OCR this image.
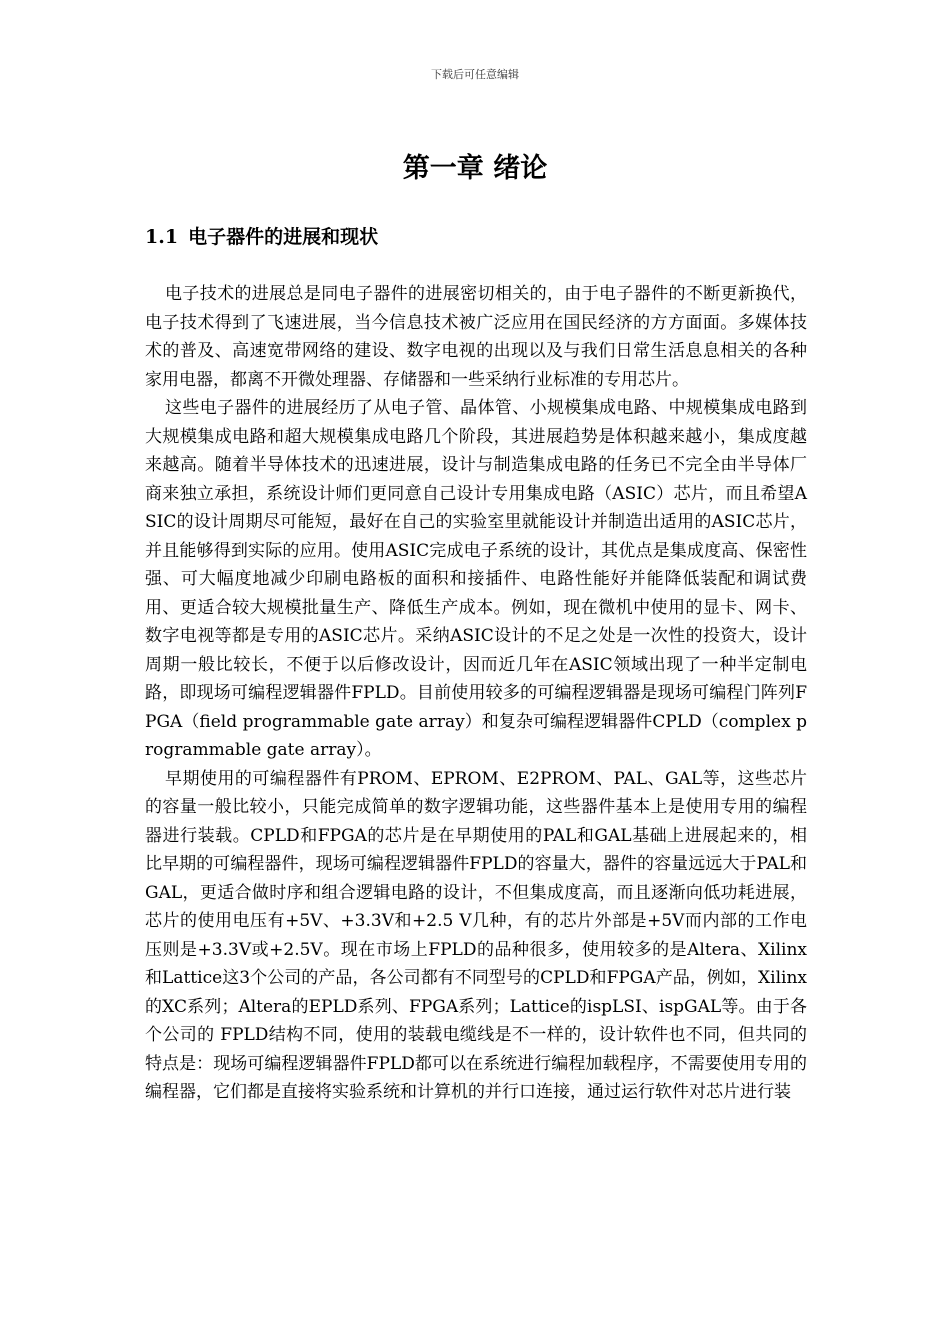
下载后可任意编辑
第一章 绪论
1.1 电子器件的进展和现状

电子技术的进展总是同电子器件的进展密切相关的，由于电子器件的不断更新换代，电子技术得到了飞速进展，当今信息技术被广泛应用在国民经济的方方面面。多媒体技术的普及、高速宽带网络的建设、数字电视的出现以及与我们日常生活息息相关的各种家用电器，都离不开微处理器、存储器和一些采纳行业标准的专用芯片。

这些电子器件的进展经历了从电子管、晶体管、小规模集成电路、中规模集成电路到大规模集成电路和超大规模集成电路几个阶段，其进展趋势是体积越来越小，集成度越来越高。随着半导体技术的迅速进展，设计与制造集成电路的任务已不完全由半导体厂商来独立承担，系统设计师们更同意自己设计专用集成电路（ASIC）芯片，而且希望ASIC的设计周期尽可能短，最好在自己的实验室里就能设计并制造出适用的ASIC芯片，并且能够得到实际的应用。使用ASIC完成电子系统的设计，其优点是集成度高、保密性强、可大幅度地减少印刷电路板的面积和接插件、电路性能好并能降低装配和调试费用、更适合较大规模批量生产、降低生产成本。例如，现在微机中使用的显卡、网卡、数字电视等都是专用的ASIC芯片。采纳ASIC设计的不足之处是一次性的投资大，设计周期一般比较长，不便于以后修改设计，因而近几年在ASIC领域出现了一种半定制电路，即现场可编程逻辑器件FPLD。目前使用较多的可编程逻辑器是现场可编程门阵列FPGA（field programmable gate array）和复杂可编程逻辑器件CPLD（complex programmable gate array）。

早期使用的可编程器件有PROM、EPROM、E2PROM、PAL、GAL等，这些芯片的容量一般比较小，只能完成简单的数字逻辑功能，这些器件基本上是使用专用的编程器进行装载。CPLD和FPGA的芯片是在早期使用的PAL和GAL基础上进展起来的，相比早期的可编程器件，现场可编程逻辑器件FPLD的容量大，器件的容量远远大于PAL和GAL，更适合做时序和组合逻辑电路的设计，不但集成度高，而且逐渐向低功耗进展，芯片的使用电压有+5V、+3.3V和+2.5 V几种，有的芯片外部是+5V而内部的工作电压则是+3.3V或+2.5V。现在市场上FPLD的品种很多，使用较多的是Altera、Xilinx和Lattice这3个公司的产品，各公司都有不同型号的CPLD和FPGA产品，例如，Xilinx的XC系列；Altera的EPLD系列、FPGA系列；Lattice的ispLSI、ispGAL等。由于各个公司的 FPLD结构不同，使用的装载电缆线是不一样的，设计软件也不同，但共同的特点是：现场可编程逻辑器件FPLD都可以在系统进行编程加载程序，不需要使用专用的编程器，它们都是直接将实验系统和计算机的并行口连接，通过运行软件对芯片进行装
